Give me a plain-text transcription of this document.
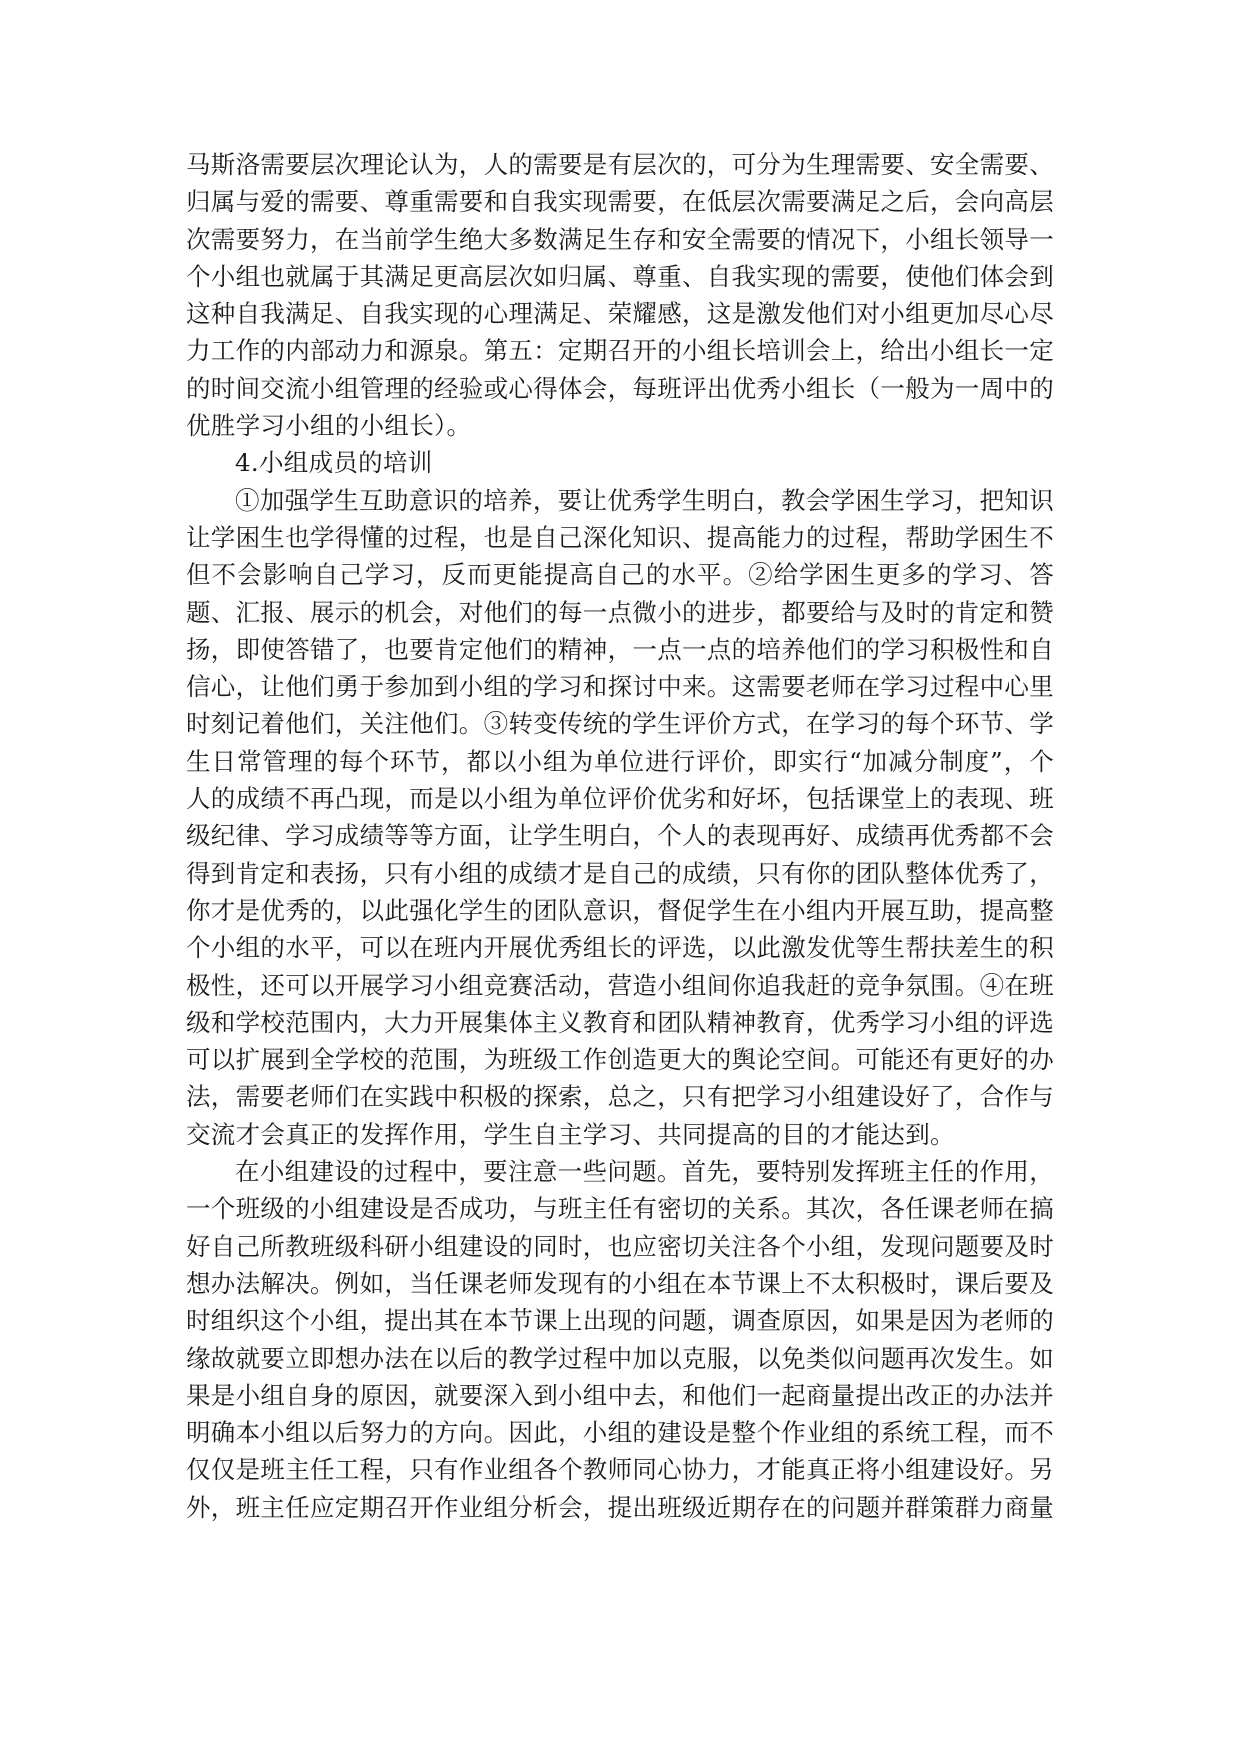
马斯洛需要层次理论认为，人的需要是有层次的，可分为生理需要、安全需要、归属与爱的需要、尊重需要和自我实现需要，在低层次需要满足之后，会向高层次需要努力，在当前学生绝大多数满足生存和安全需要的情况下，小组长领导一个小组也就属于其满足更高层次如归属、尊重、自我实现的需要，使他们体会到这种自我满足、自我实现的心理满足、荣耀感，这是激发他们对小组更加尽心尽力工作的内部动力和源泉。第五：定期召开的小组长培训会上，给出小组长一定的时间交流小组管理的经验或心得体会，每班评出优秀小组长（一般为一周中的优胜学习小组的小组长）。

4.小组成员的培训

①加强学生互助意识的培养，要让优秀学生明白，教会学困生学习，把知识让学困生也学得懂的过程，也是自己深化知识、提高能力的过程，帮助学困生不但不会影响自己学习，反而更能提高自己的水平。②给学困生更多的学习、答题、汇报、展示的机会，对他们的每一点微小的进步，都要给与及时的肯定和赞扬，即使答错了，也要肯定他们的精神，一点一点的培养他们的学习积极性和自信心，让他们勇于参加到小组的学习和探讨中来。这需要老师在学习过程中心里时刻记着他们，关注他们。③转变传统的学生评价方式，在学习的每个环节、学生日常管理的每个环节，都以小组为单位进行评价，即实行“加减分制度”，个人的成绩不再凸现，而是以小组为单位评价优劣和好坏，包括课堂上的表现、班级纪律、学习成绩等等方面，让学生明白，个人的表现再好、成绩再优秀都不会得到肯定和表扬，只有小组的成绩才是自己的成绩，只有你的团队整体优秀了，你才是优秀的，以此强化学生的团队意识，督促学生在小组内开展互助，提高整个小组的水平，可以在班内开展优秀组长的评选，以此激发优等生帮扶差生的积极性，还可以开展学习小组竞赛活动，营造小组间你追我赶的竞争氛围。④在班级和学校范围内，大力开展集体主义教育和团队精神教育，优秀学习小组的评选可以扩展到全学校的范围，为班级工作创造更大的舆论空间。可能还有更好的办法，需要老师们在实践中积极的探索，总之，只有把学习小组建设好了，合作与交流才会真正的发挥作用，学生自主学习、共同提高的目的才能达到。

在小组建设的过程中，要注意一些问题。首先，要特别发挥班主任的作用，一个班级的小组建设是否成功，与班主任有密切的关系。其次，各任课老师在搞好自己所教班级科研小组建设的同时，也应密切关注各个小组，发现问题要及时想办法解决。例如，当任课老师发现有的小组在本节课上不太积极时，课后要及时组织这个小组，提出其在本节课上出现的问题，调查原因，如果是因为老师的缘故就要立即想办法在以后的教学过程中加以克服，以免类似问题再次发生。如果是小组自身的原因，就要深入到小组中去，和他们一起商量提出改正的办法并明确本小组以后努力的方向。因此，小组的建设是整个作业组的系统工程，而不仅仅是班主任工程，只有作业组各个教师同心协力，才能真正将小组建设好。另外，班主任应定期召开作业组分析会，提出班级近期存在的问题并群策群力商量
